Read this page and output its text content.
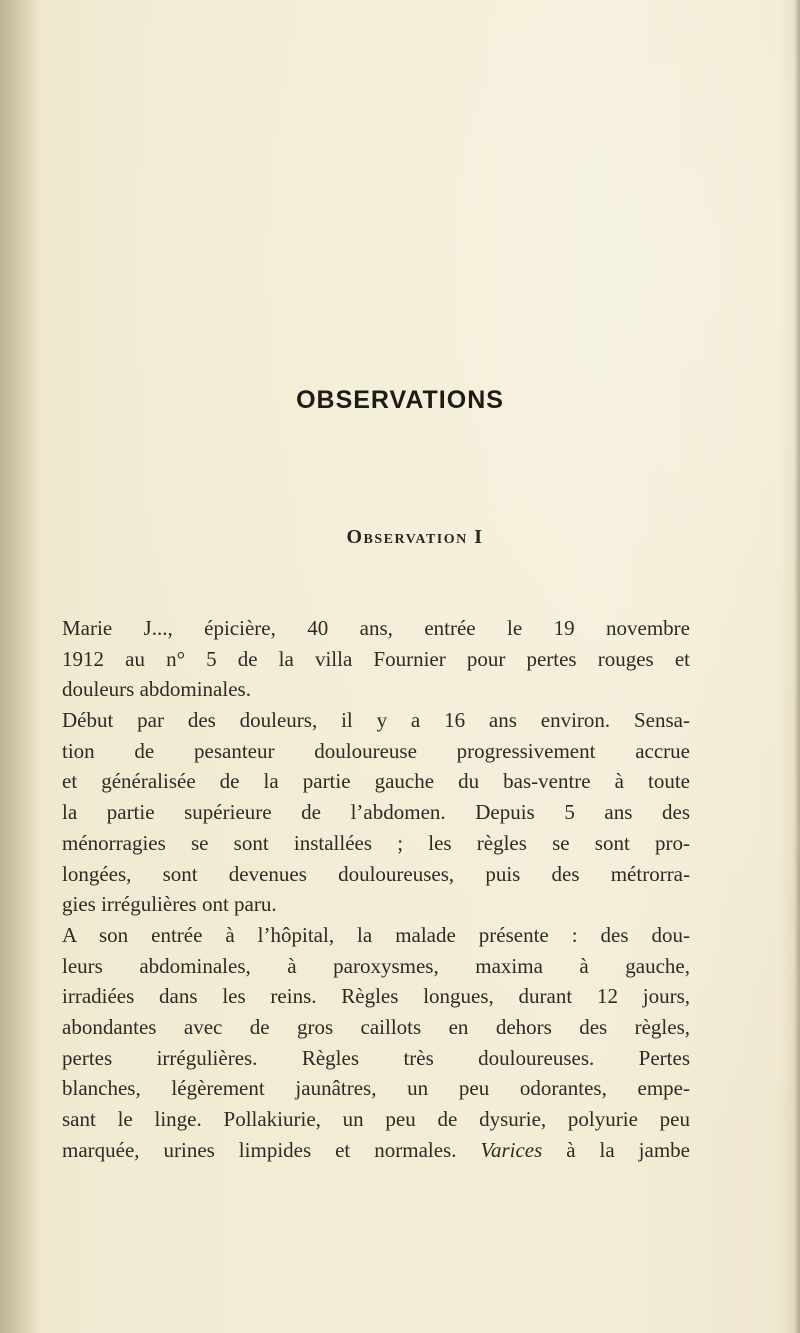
OBSERVATIONS
Observation I
Marie J..., épicière, 40 ans, entrée le 19 novembre
1912 au n° 5 de la villa Fournier pour pertes rouges et
douleurs abdominales.
Début par des douleurs, il y a 16 ans environ. Sensa-
tion de pesanteur douloureuse progressivement accrue
et généralisée de la partie gauche du bas-ventre à toute
la partie supérieure de l’abdomen. Depuis 5 ans des
ménorragies se sont installées ; les règles se sont pro-
longées, sont devenues douloureuses, puis des métrorra-
gies irrégulières ont paru.
A son entrée à l’hôpital, la malade présente : des dou-
leurs abdominales, à paroxysmes, maxima à gauche,
irradiées dans les reins. Règles longues, durant 12 jours,
abondantes avec de gros caillots en dehors des règles,
pertes irrégulières. Règles très douloureuses. Pertes
blanches, légèrement jaunâtres, un peu odorantes, empe-
sant le linge. Pollakiurie, un peu de dysurie, polyurie peu
marquée, urines limpides et normales. Varices à la jambe
